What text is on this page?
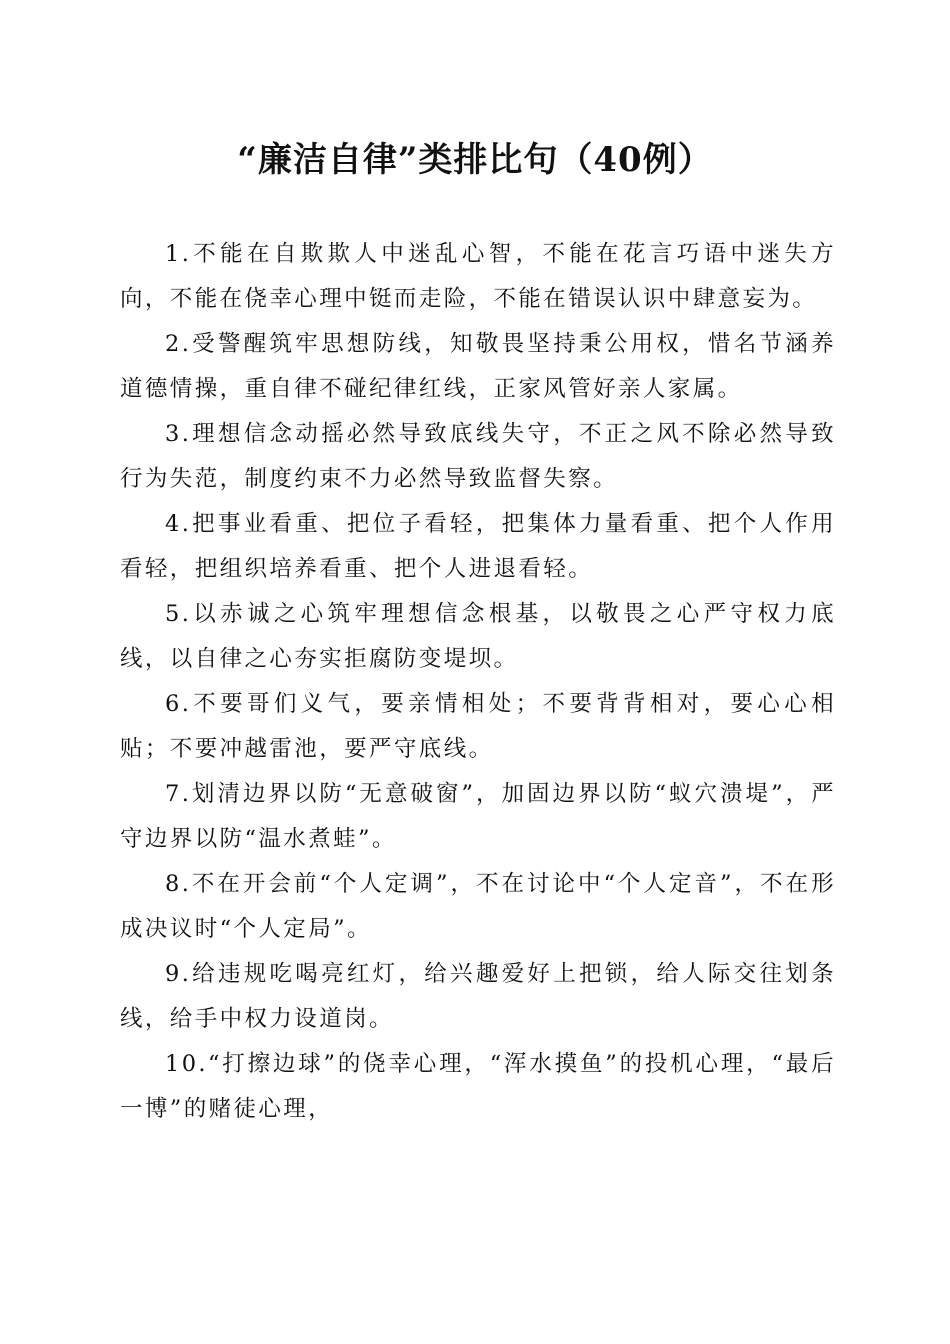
“廉洁自律”类排比句（40例）

1.不能在自欺欺人中迷乱心智，不能在花言巧语中迷失方向，不能在侥幸心理中铤而走险，不能在错误认识中肆意妄为。

2.受警醒筑牢思想防线，知敬畏坚持秉公用权，惜名节涵养道德情操，重自律不碰纪律红线，正家风管好亲人家属。

3.理想信念动摇必然导致底线失守，不正之风不除必然导致行为失范，制度约束不力必然导致监督失察。

4.把事业看重、把位子看轻，把集体力量看重、把个人作用看轻，把组织培养看重、把个人进退看轻。

5.以赤诚之心筑牢理想信念根基，以敬畏之心严守权力底线，以自律之心夯实拒腐防变堤坝。

6.不要哥们义气，要亲情相处；不要背背相对，要心心相贴；不要冲越雷池，要严守底线。

7.划清边界以防“无意破窗”，加固边界以防“蚁穴溃堤”，严守边界以防“温水煮蛙”。

8.不在开会前“个人定调”，不在讨论中“个人定音”，不在形成决议时“个人定局”。

9.给违规吃喝亮红灯，给兴趣爱好上把锁，给人际交往划条线，给手中权力设道岗。

10.“打擦边球”的侥幸心理，“浑水摸鱼”的投机心理，“最后一博”的赌徒心理，
